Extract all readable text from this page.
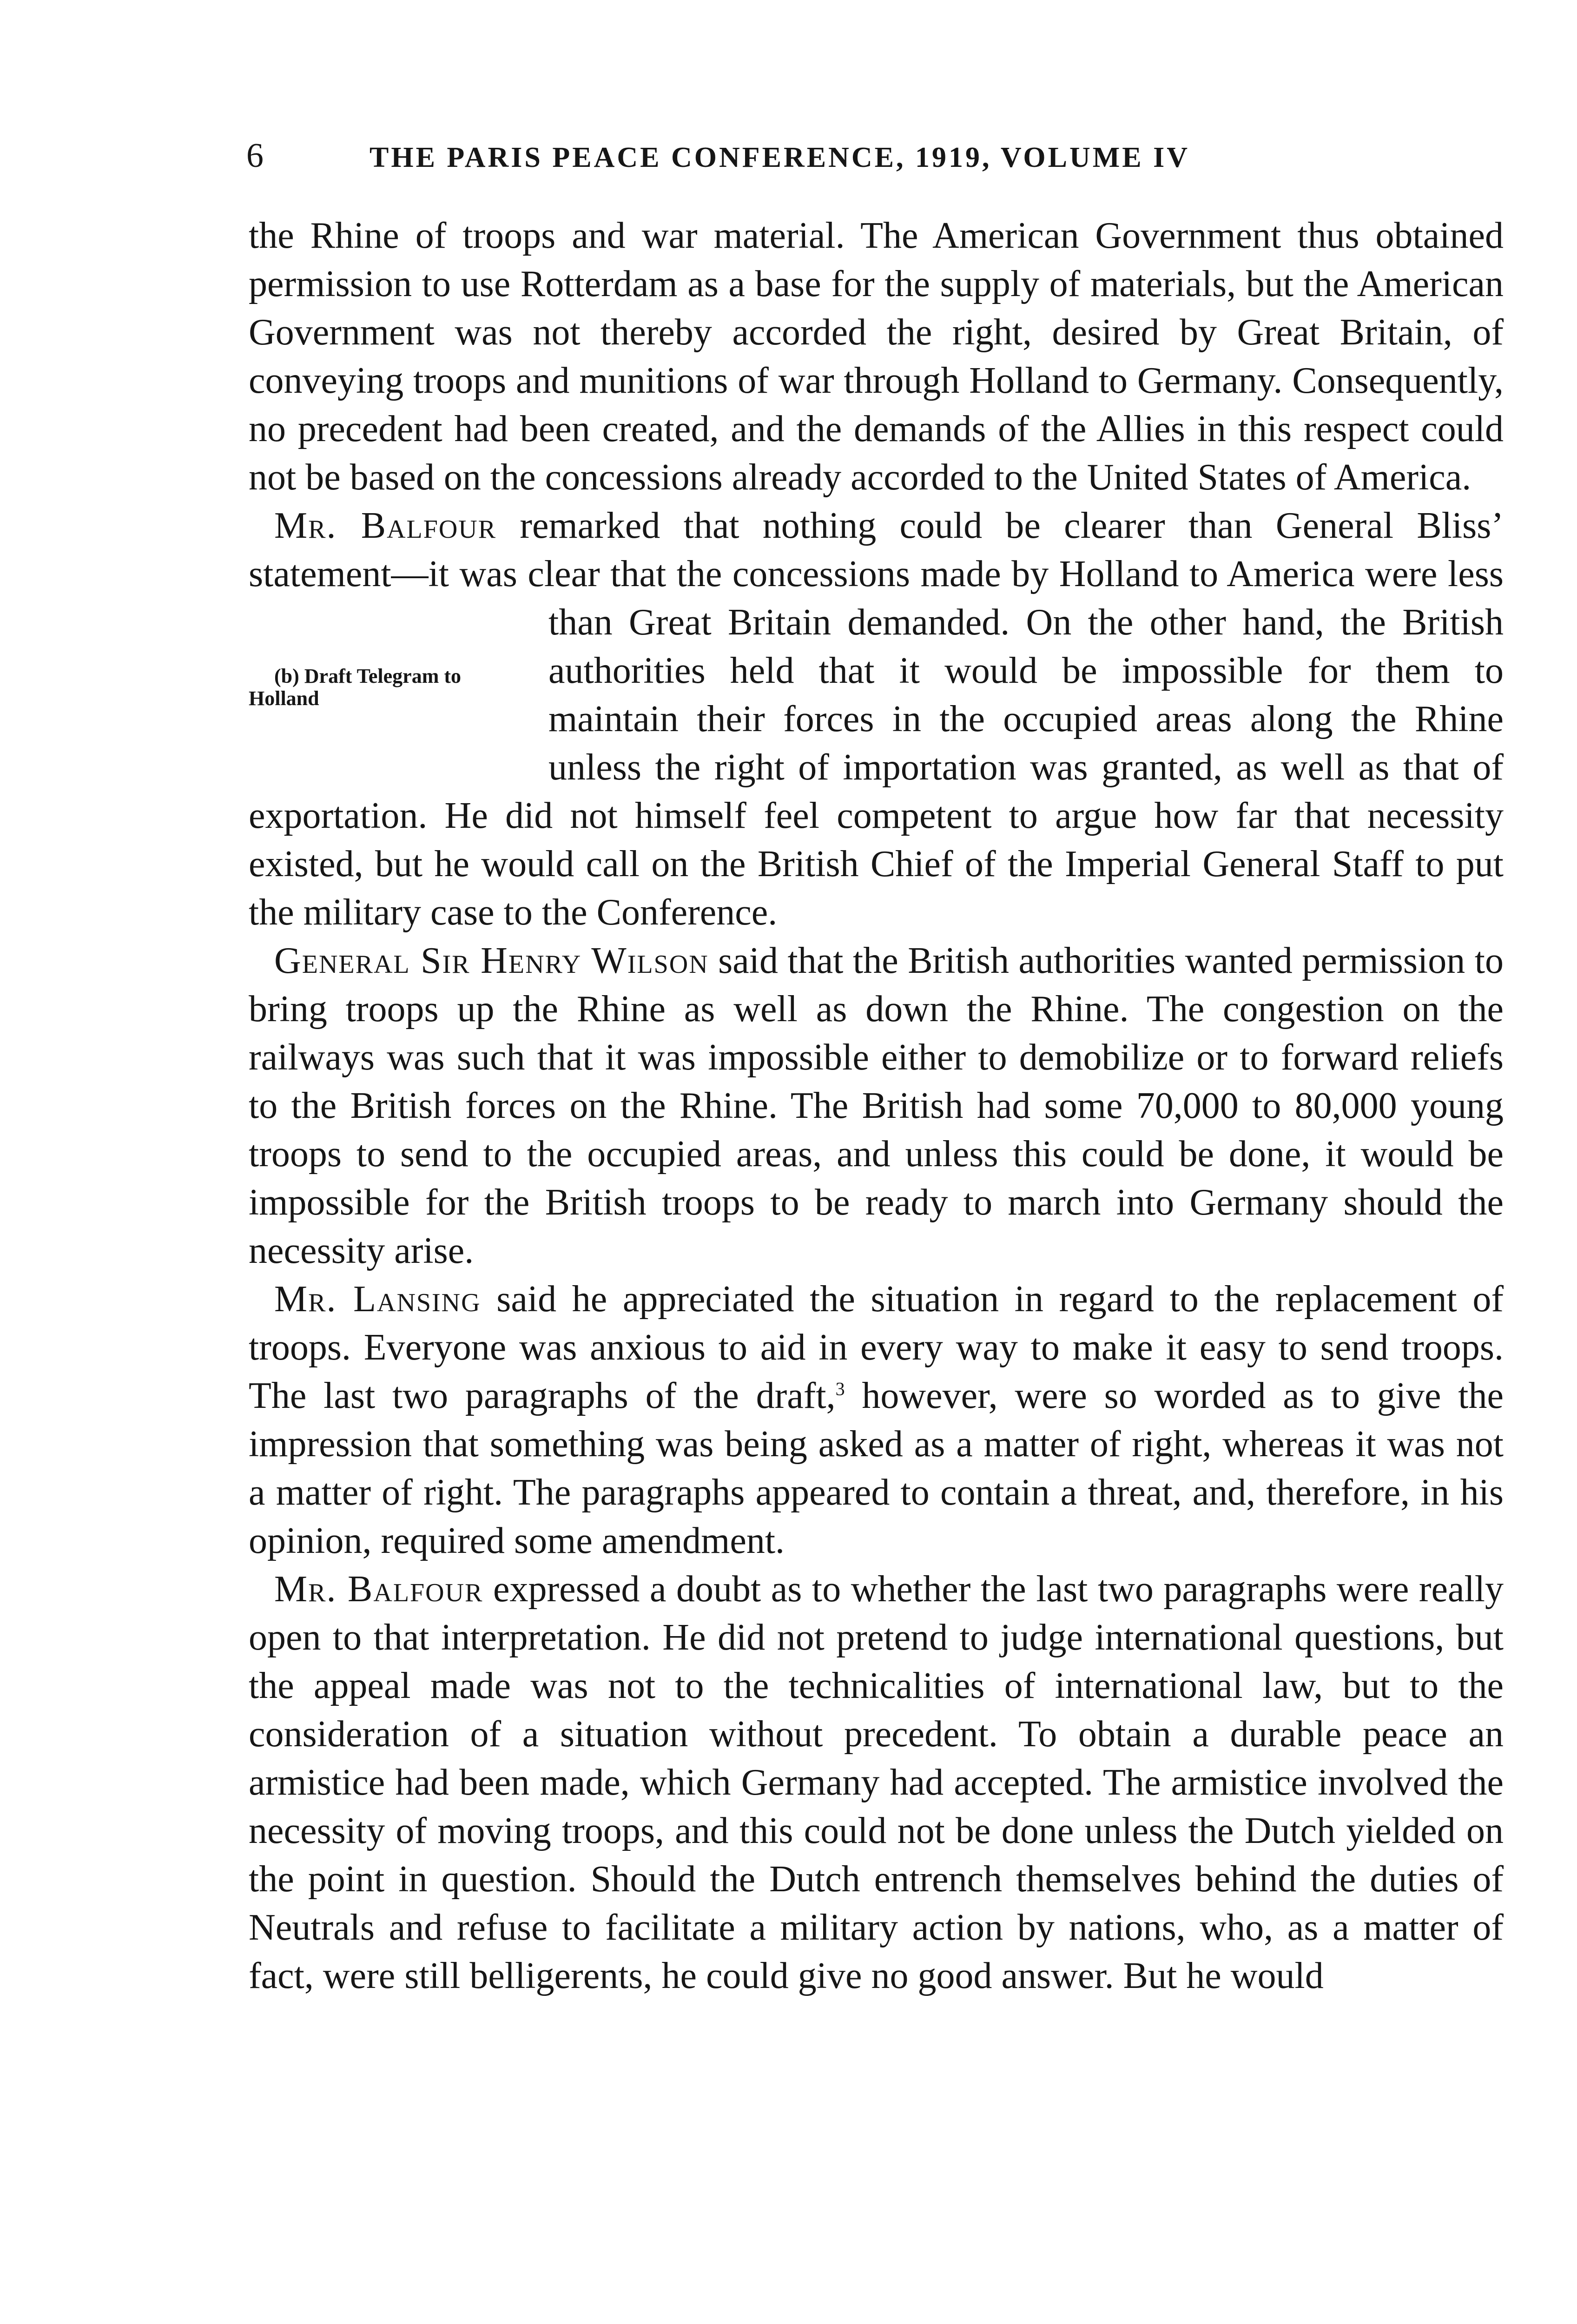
6	THE PARIS PEACE CONFERENCE, 1919, VOLUME IV

the Rhine of troops and war material. The American Government thus obtained permission to use Rotterdam as a base for the supply of materials, but the American Government was not thereby accorded the right, desired by Great Britain, of conveying troops and munitions of war through Holland to Germany. Consequently, no precedent had been created, and the demands of the Allies in this respect could not be based on the concessions already accorded to the United States of America.

Mr. Balfour remarked that nothing could be clearer than General Bliss’ statement—it was clear that the concessions made by Holland to
(b) Draft Telegram to Holland
America were less than Great Britain demanded. On the other hand, the British authorities held that it would be impossible for them to maintain their forces in the occupied areas along the Rhine unless the right of importation was granted, as well as that of exportation. He did not himself feel competent to argue how far that necessity existed, but he would call on the British Chief of the Imperial General Staff to put the military case to the Conference.

General Sir Henry Wilson said that the British authorities wanted permission to bring troops up the Rhine as well as down the Rhine. The congestion on the railways was such that it was impossible either to demobilize or to forward reliefs to the British forces on the Rhine. The British had some 70,000 to 80,000 young troops to send to the occupied areas, and unless this could be done, it would be impossible for the British troops to be ready to march into Germany should the necessity arise.

Mr. Lansing said he appreciated the situation in regard to the replacement of troops. Everyone was anxious to aid in every way to make it easy to send troops. The last two paragraphs of the draft,$^3$ however, were so worded as to give the impression that something was being asked as a matter of right, whereas it was not a matter of right. The paragraphs appeared to contain a threat, and, therefore, in his opinion, required some amendment.

Mr. Balfour expressed a doubt as to whether the last two paragraphs were really open to that interpretation. He did not pretend to judge international questions, but the appeal made was not to the technicalities of international law, but to the consideration of a situation without precedent. To obtain a durable peace an armistice had been made, which Germany had accepted. The armistice involved the necessity of moving troops, and this could not be done unless the Dutch yielded on the point in question. Should the Dutch entrench themselves behind the duties of Neutrals and refuse to facilitate a military action by nations, who, as a matter of fact, were still belligerents, he could give no good answer. But he would
